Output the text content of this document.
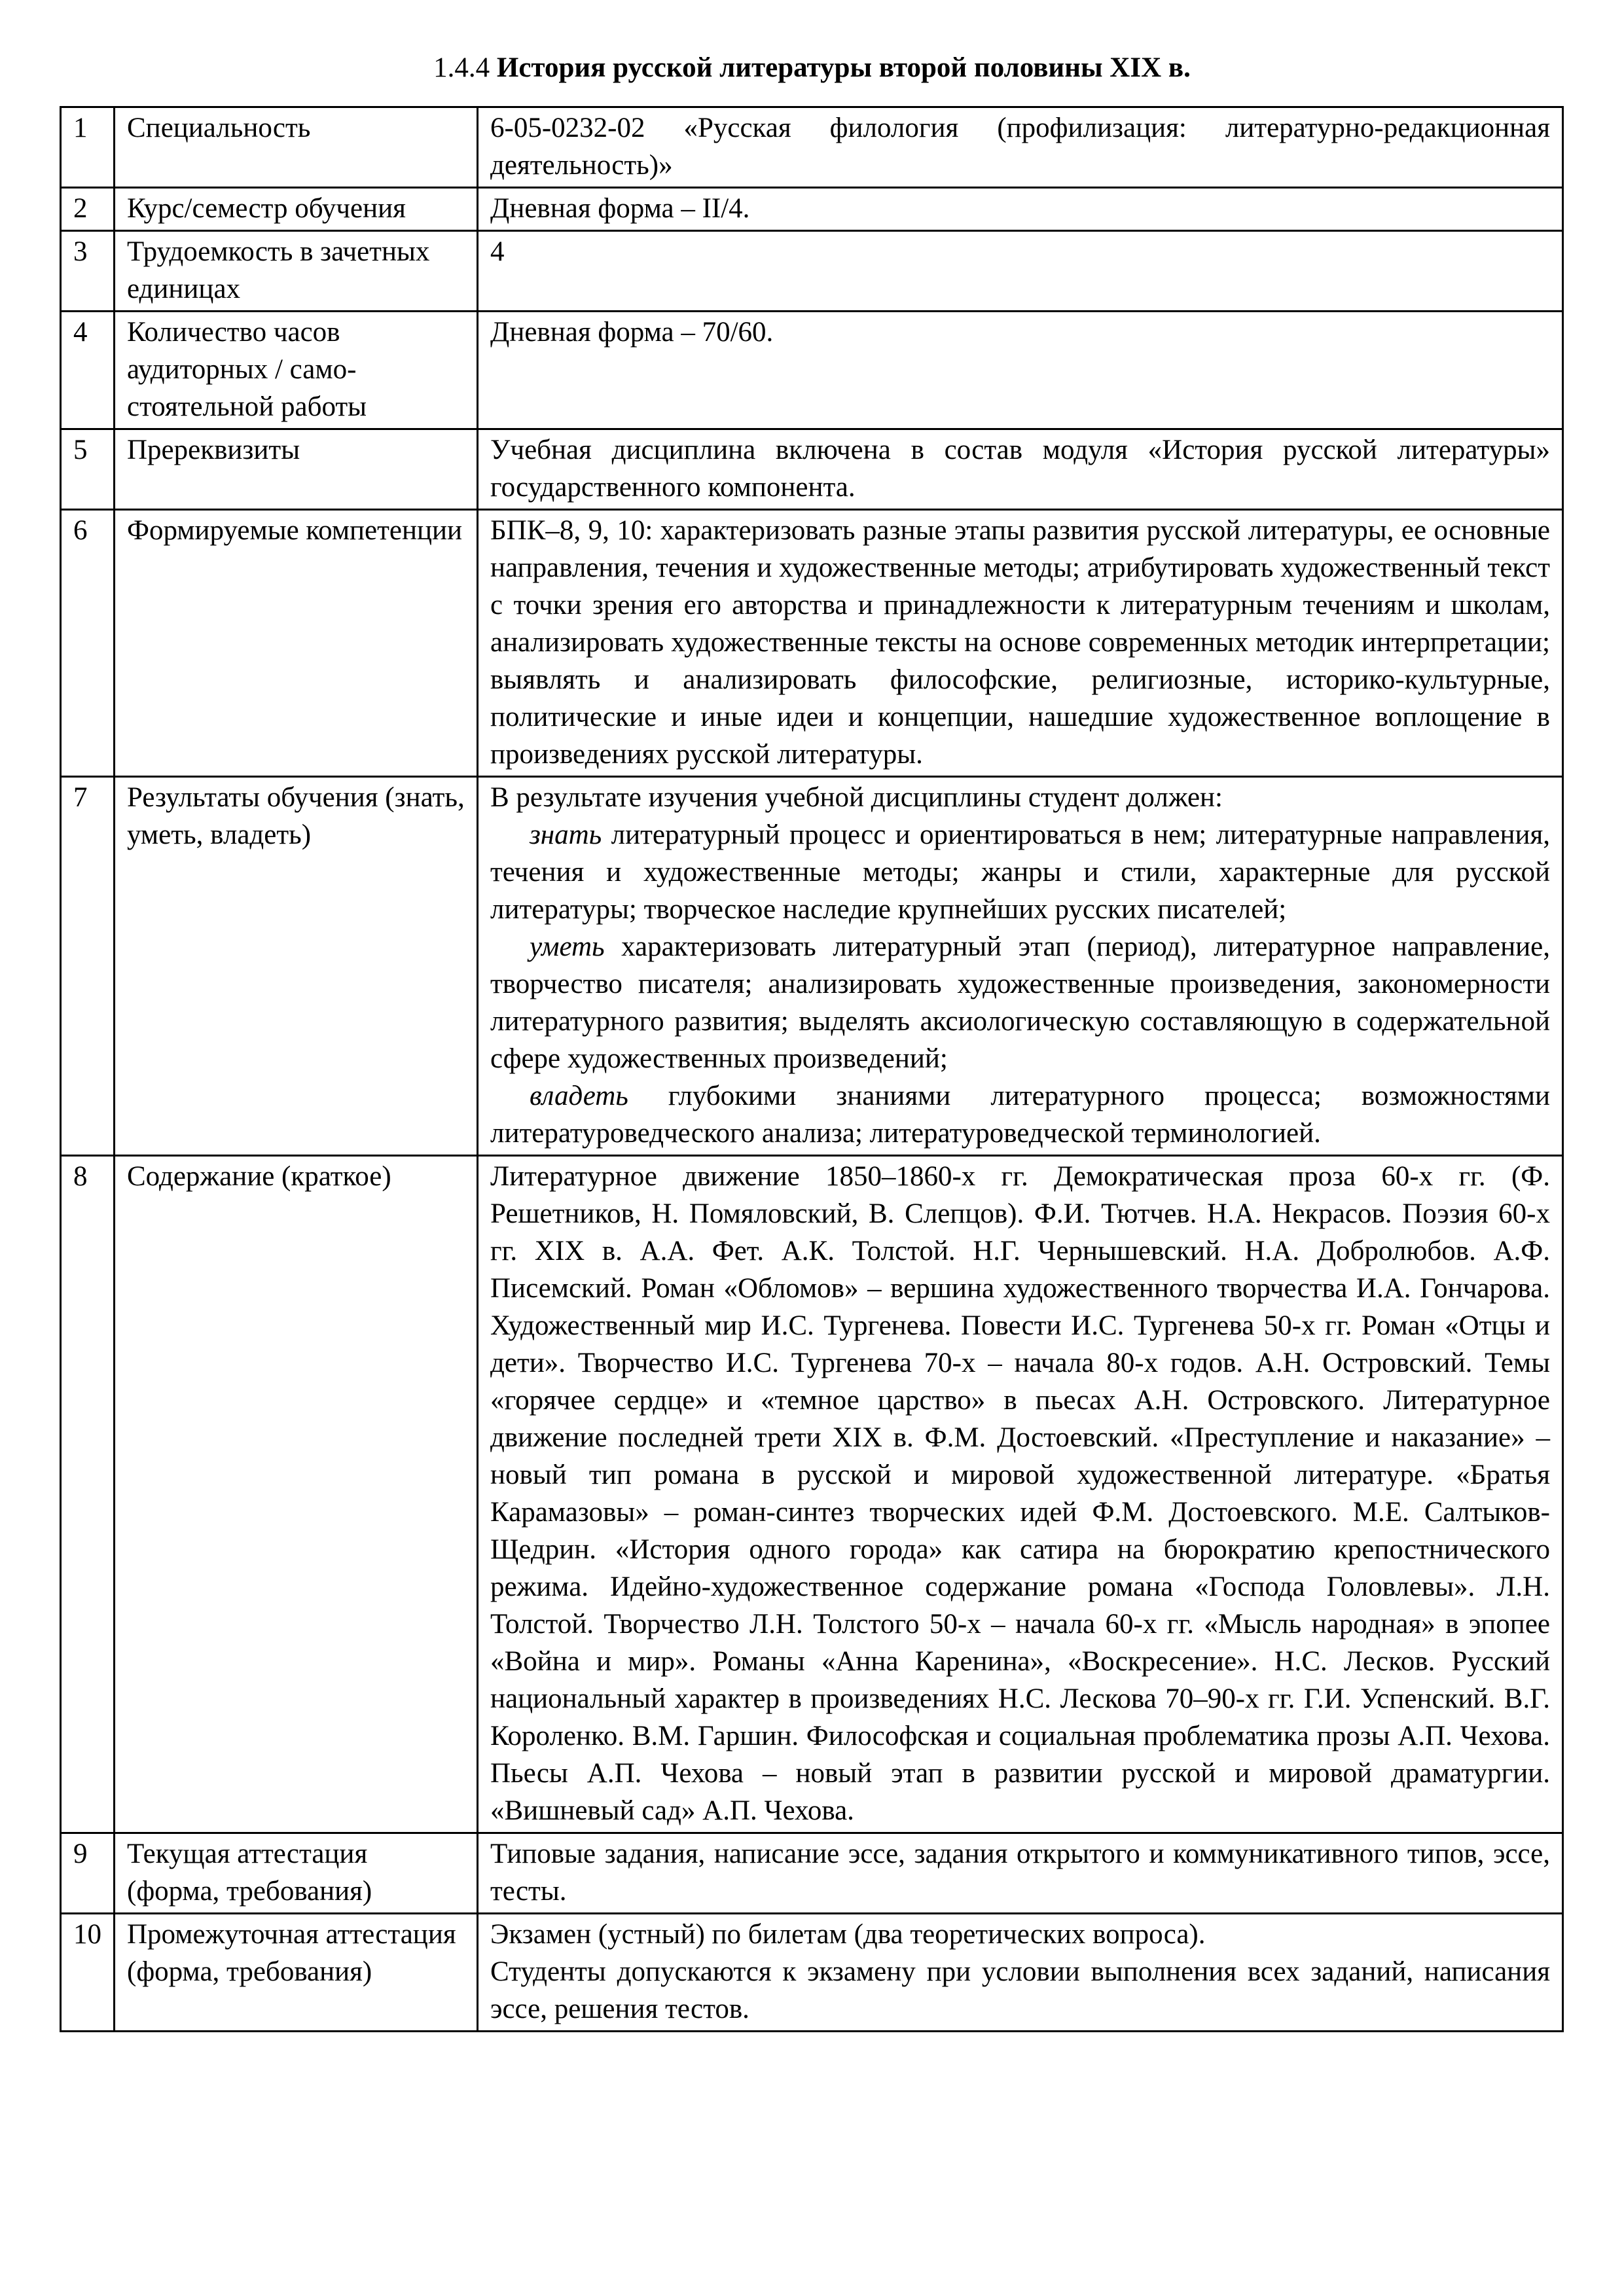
1.4.4 История русской литературы второй половины XIX в.
1	Специальность	6-05-0232-02 «Русская филология (профилизация: литературно-редакционная деятельность)»
2	Курс/семестр обучения	Дневная форма – II/4.
3	Трудоемкость в зачетных единицах	4
4	Количество часов аудиторных / само-стоятельной работы	Дневная форма – 70/60.
5	Пререквизиты	Учебная дисциплина включена в состав модуля «История русской литературы» государственного компонента.
6	Формируемые компетенции	БПК–8, 9, 10: характеризовать разные этапы развития русской литературы, ее основные направления, течения и художественные методы; атрибутировать художественный текст с точки зрения его авторства и принадлежности к литературным течениям и школам, анализировать художественные тексты на основе современных методик интерпретации; выявлять и анализировать философские, религиозные, историко-культурные, политические и иные идеи и концепции, нашедшие художественное воплощение в произведениях русской литературы.
7	Результаты обучения (знать, уметь, владеть)	В результате изучения учебной дисциплины студент должен:
знать литературный процесс и ориентироваться в нем; литературные направления, течения и художественные методы; жанры и стили, характерные для русской литературы; творческое наследие крупнейших русских писателей;
уметь характеризовать литературный этап (период), литературное направление, творчество писателя; анализировать художественные произведения, закономерности литературного развития; выделять аксиологическую составляющую в содержательной сфере художественных произведений;
владеть глубокими знаниями литературного процесса; возможностями литературоведческого анализа; литературоведческой терминологией.

8	Содержание (краткое)	Литературное движение 1850–1860-х гг. Демократическая проза 60-х гг. (Ф. Решетников, Н. Помяловский, В. Слепцов). Ф.И. Тютчев. Н.А. Некрасов. Поэзия 60-х гг. XIX в. А.А. Фет. А.К. Толстой. Н.Г. Чернышевский. Н.А. Добролюбов. А.Ф. Писемский. Роман «Обломов» – вершина художественного творчества И.А. Гончарова. Художественный мир И.С. Тургенева. Повести И.С. Тургенева 50-х гг. Роман «Отцы и дети». Творчество И.С. Тургенева 70-х – начала 80-х годов. А.Н. Островский. Темы «горячее сердце» и «темное царство» в пьесах А.Н. Островского. Литературное движение последней трети XIX в. Ф.М. Достоевский. «Преступление и наказание» – новый тип романа в русской и мировой художественной литературе. «Братья Карамазовы» – роман-синтез творческих идей Ф.М. Достоевского. М.Е. Салтыков-Щедрин. «История одного города» как сатира на бюрократию крепостнического режима. Идейно-художественное содержание романа «Господа Головлевы». Л.Н. Толстой. Творчество Л.Н. Толстого 50-х – начала 60-х гг. «Мысль народная» в эпопее «Война и мир». Романы «Анна Каренина», «Воскресение». Н.С. Лесков. Русский национальный характер в произведениях Н.С. Лескова 70–90-х гг. Г.И. Успенский. В.Г. Короленко. В.М. Гаршин. Философская и социальная проблематика прозы А.П. Чехова. Пьесы А.П. Чехова – новый этап в развитии русской и мировой драматургии. «Вишневый сад» А.П. Чехова.
9	Текущая аттестация (форма, требования)	Типовые задания, написание эссе, задания открытого и коммуникативного типов, эссе, тесты.
10	Промежуточная аттестация (форма, требования)	Экзамен (устный) по билетам (два теоретических вопроса).
Студенты допускаются к экзамену при условии выполнения всех заданий, написания эссе, решения тестов.
